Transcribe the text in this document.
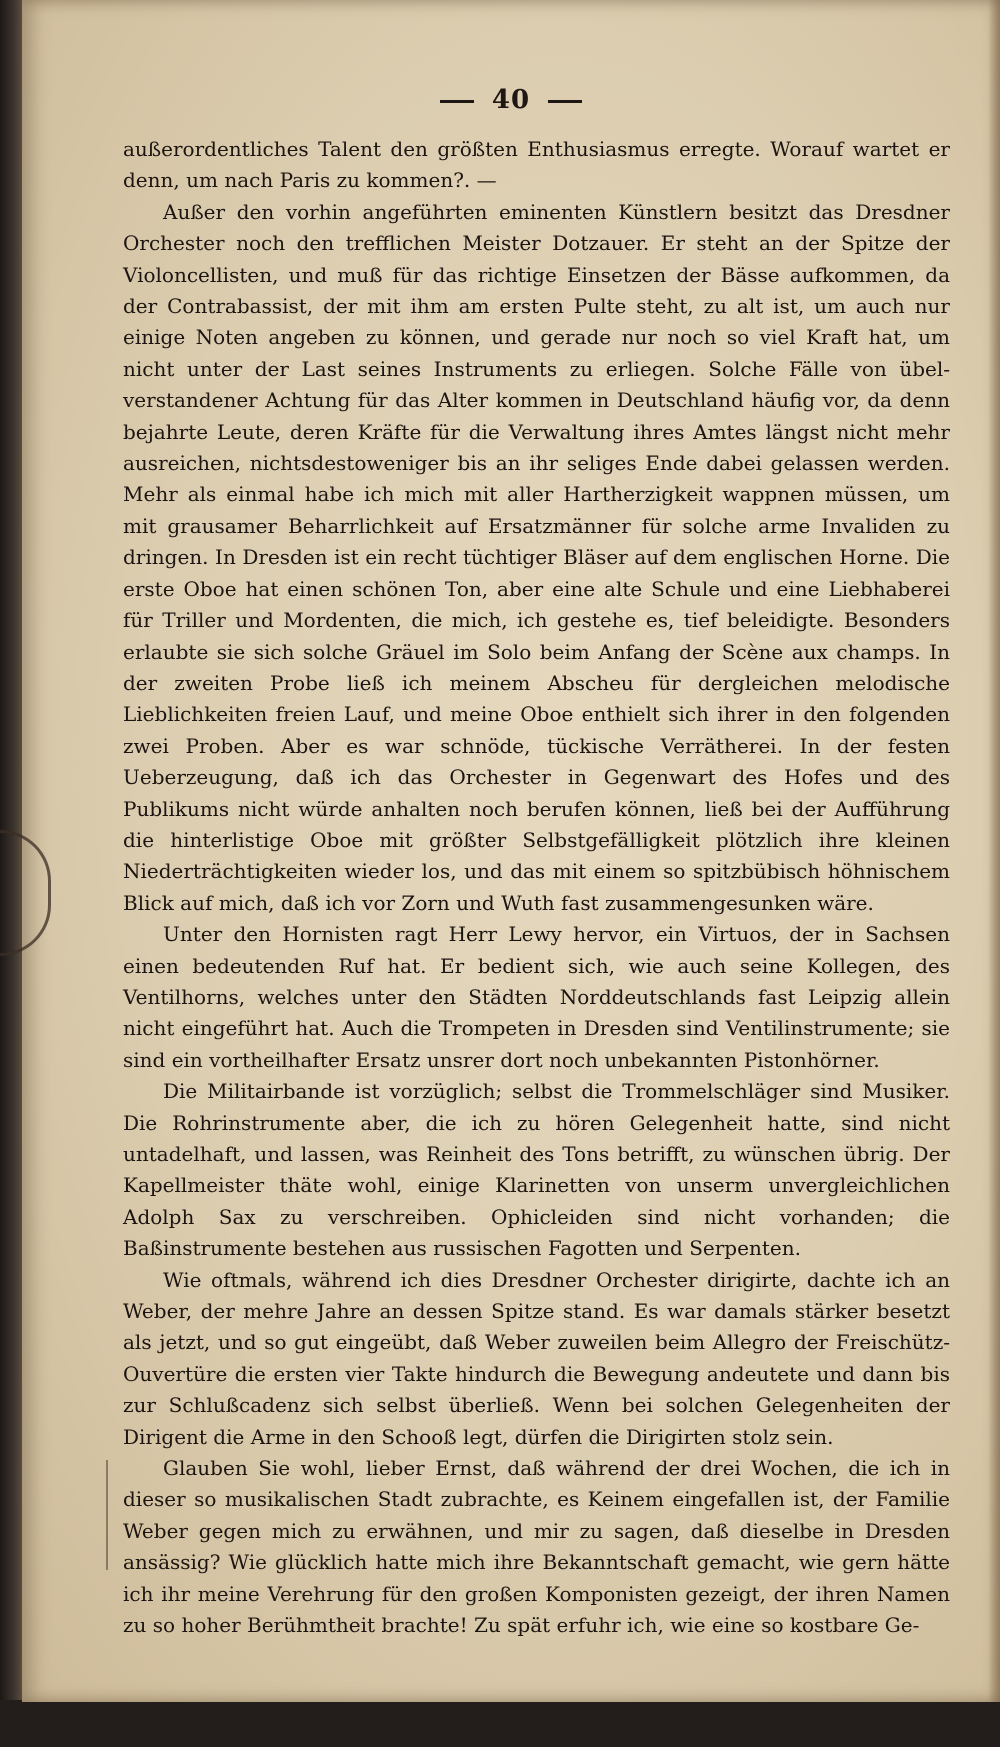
40

außerordentliches Talent den größten Enthusiasmus erregte. Worauf wartet er denn, um nach Paris zu kommen?. —

Außer den vorhin angeführten eminenten Künstlern besitzt das Dresdner Orchester noch den trefflichen Meister Dotzauer. Er steht an der Spitze der Violoncellisten, und muß für das richtige Einsetzen der Bässe aufkommen, da der Contrabassist, der mit ihm am ersten Pulte steht, zu alt ist, um auch nur einige Noten angeben zu können, und gerade nur noch so viel Kraft hat, um nicht unter der Last seines Instruments zu erliegen. Solche Fälle von übel-verstandener Achtung für das Alter kommen in Deutschland häufig vor, da denn bejahrte Leute, deren Kräfte für die Verwaltung ihres Amtes längst nicht mehr ausreichen, nichtsdestoweniger bis an ihr seliges Ende dabei gelassen werden. Mehr als einmal habe ich mich mit aller Hartherzigkeit wappnen müssen, um mit grausamer Beharrlichkeit auf Ersatzmänner für solche arme Invaliden zu dringen. In Dresden ist ein recht tüchtiger Bläser auf dem englischen Horne. Die erste Oboe hat einen schönen Ton, aber eine alte Schule und eine Liebhaberei für Triller und Mordenten, die mich, ich gestehe es, tief beleidigte. Besonders erlaubte sie sich solche Gräuel im Solo beim Anfang der Scène aux champs. In der zweiten Probe ließ ich meinem Abscheu für dergleichen melodische Lieblichkeiten freien Lauf, und meine Oboe enthielt sich ihrer in den folgenden zwei Proben. Aber es war schnöde, tückische Verrätherei. In der festen Ueberzeugung, daß ich das Orchester in Gegenwart des Hofes und des Publikums nicht würde anhalten noch berufen können, ließ bei der Aufführung die hinterlistige Oboe mit größter Selbstgefälligkeit plötzlich ihre kleinen Niederträchtigkeiten wieder los, und das mit einem so spitzbübisch höhnischem Blick auf mich, daß ich vor Zorn und Wuth fast zusammengesunken wäre.

Unter den Hornisten ragt Herr Lewy hervor, ein Virtuos, der in Sachsen einen bedeutenden Ruf hat. Er bedient sich, wie auch seine Kollegen, des Ventilhorns, welches unter den Städten Norddeutschlands fast Leipzig allein nicht eingeführt hat. Auch die Trompeten in Dresden sind Ventilinstrumente; sie sind ein vortheilhafter Ersatz unsrer dort noch unbekannten Pistonhörner.

Die Militairbande ist vorzüglich; selbst die Trommelschläger sind Musiker. Die Rohrinstrumente aber, die ich zu hören Gelegenheit hatte, sind nicht untadelhaft, und lassen, was Reinheit des Tons betrifft, zu wünschen übrig. Der Kapellmeister thäte wohl, einige Klarinetten von unserm unvergleichlichen Adolph Sax zu verschreiben. Ophicleiden sind nicht vorhanden; die Baßinstrumente bestehen aus russischen Fagotten und Serpenten.

Wie oftmals, während ich dies Dresdner Orchester dirigirte, dachte ich an Weber, der mehre Jahre an dessen Spitze stand. Es war damals stärker besetzt als jetzt, und so gut eingeübt, daß Weber zuweilen beim Allegro der Freischütz-Ouvertüre die ersten vier Takte hindurch die Bewegung andeutete und dann bis zur Schlußcadenz sich selbst überließ. Wenn bei solchen Gelegenheiten der Dirigent die Arme in den Schooß legt, dürfen die Dirigirten stolz sein.

Glauben Sie wohl, lieber Ernst, daß während der drei Wochen, die ich in dieser so musikalischen Stadt zubrachte, es Keinem eingefallen ist, der Familie Weber gegen mich zu erwähnen, und mir zu sagen, daß dieselbe in Dresden ansässig? Wie glücklich hatte mich ihre Bekanntschaft gemacht, wie gern hätte ich ihr meine Verehrung für den großen Komponisten gezeigt, der ihren Namen zu so hoher Berühmtheit brachte! Zu spät erfuhr ich, wie eine so kostbare Ge-
